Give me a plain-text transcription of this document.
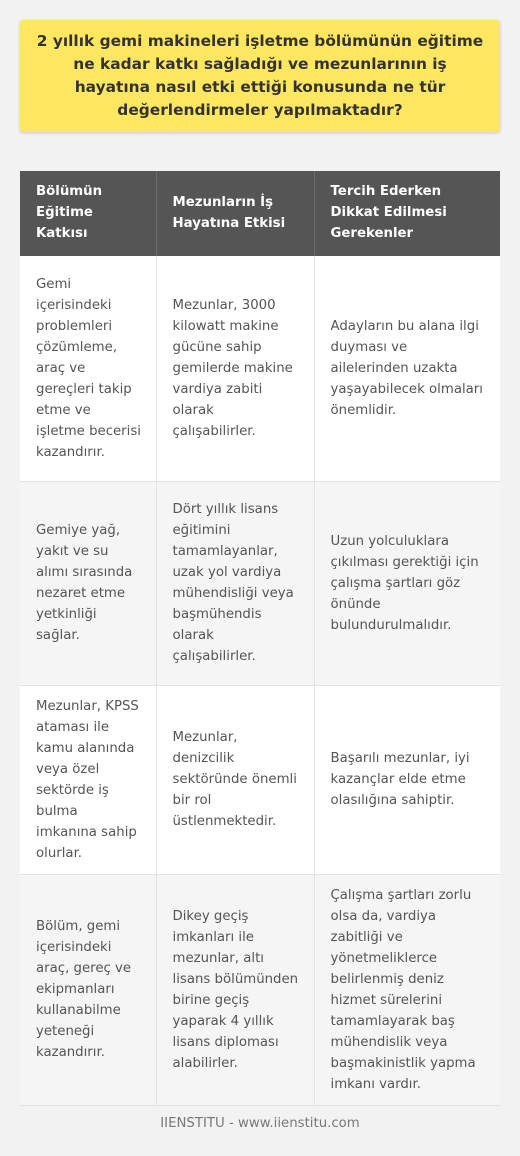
2 yıllık gemi makineleri işletme bölümünün eğitime ne kadar katkı sağladığı ve mezunlarının iş hayatına nasıl etki ettiği konusunda ne tür değerlendirmeler yapılmaktadır?
Bölümün Eğitime Katkısı	Mezunların İş Hayatına Etkisi	Tercih Ederken Dikkat Edilmesi Gerekenler
Gemi içerisindeki problemleri çözümleme, araç ve gereçleri takip etme ve işletme becerisi kazandırır.	Mezunlar, 3000 kilowatt makine gücüne sahip gemilerde makine vardiya zabiti olarak çalışabilirler.	Adayların bu alana ilgi duyması ve ailelerinden uzakta yaşayabilecek olmaları önemlidir.
Gemiye yağ, yakıt ve su alımı sırasında nezaret etme yetkinliği sağlar.	Dört yıllık lisans eğitimini tamamlayanlar, uzak yol vardiya mühendisliği veya başmühendis olarak çalışabilirler.	Uzun yolculuklara çıkılması gerektiği için çalışma şartları göz önünde bulundurulmalıdır.
Mezunlar, KPSS ataması ile kamu alanında veya özel sektörde iş bulma imkanına sahip olurlar.	Mezunlar, denizcilik sektöründe önemli bir rol üstlenmektedir.	Başarılı mezunlar, iyi kazançlar elde etme olasılığına sahiptir.
Bölüm, gemi içerisindeki araç, gereç ve ekipmanları kullanabilme yeteneği kazandırır.	Dikey geçiş imkanları ile mezunlar, altı lisans bölümünden birine geçiş yaparak 4 yıllık lisans diploması alabilirler.	Çalışma şartları zorlu olsa da, vardiya zabitliği ve yönetmeliklerce belirlenmiş deniz hizmet sürelerini tamamlayarak baş mühendislik veya başmakinistlik yapma imkanı vardır.
IIENSTITU - www.iienstitu.com
